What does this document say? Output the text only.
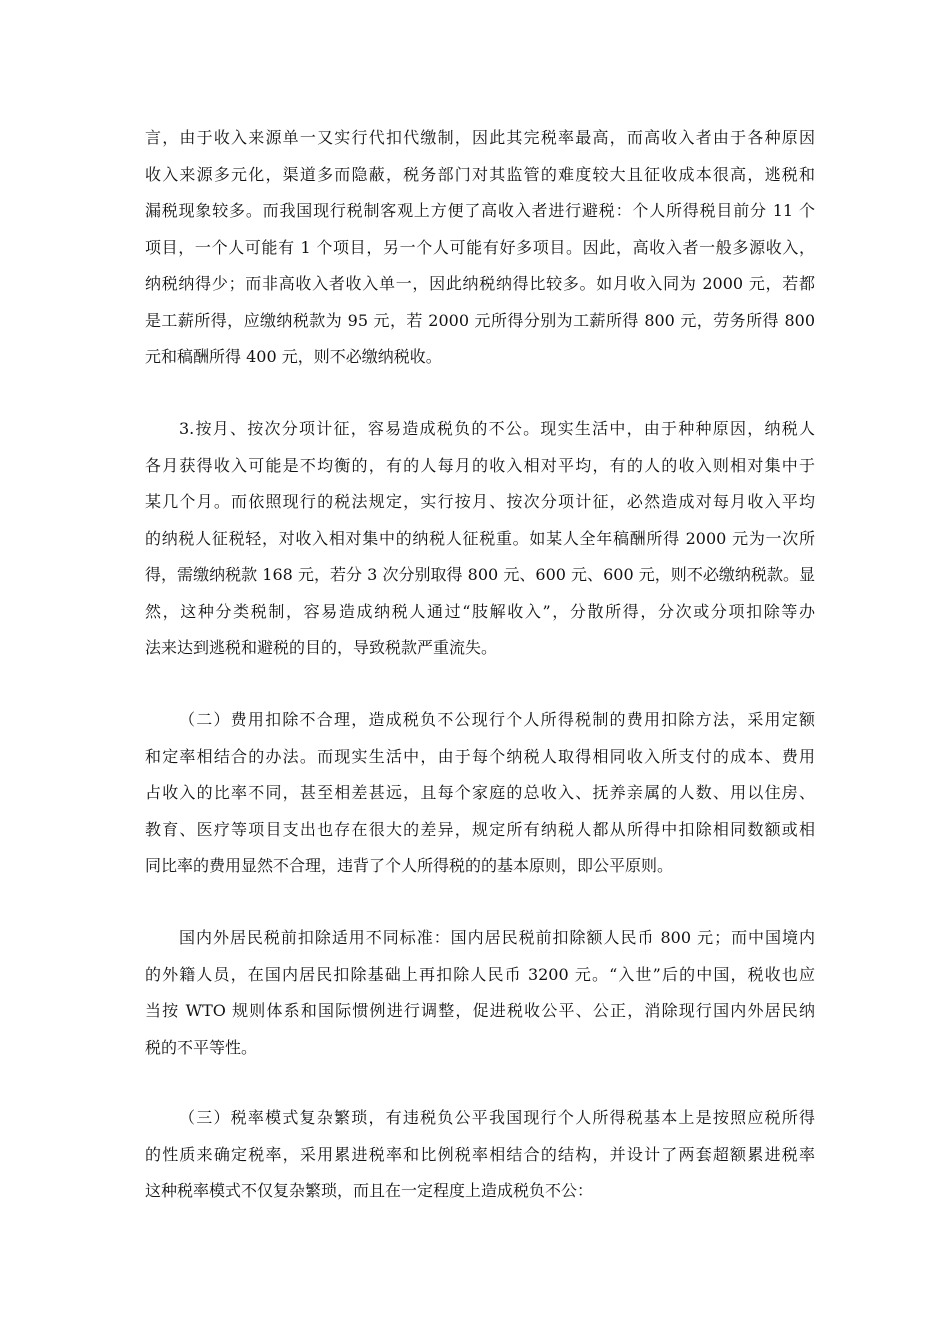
言，由于收入来源单一又实行代扣代缴制，因此其完税率最高，而高收入者由于各种原因
收入来源多元化，渠道多而隐蔽，税务部门对其监管的难度较大且征收成本很高，逃税和
漏税现象较多。而我国现行税制客观上方便了高收入者进行避税：个人所得税目前分 11 个
项目，一个人可能有 1 个项目，另一个人可能有好多项目。因此，高收入者一般多源收入，
纳税纳得少；而非高收入者收入单一，因此纳税纳得比较多。如月收入同为 2000 元，若都
是工薪所得，应缴纳税款为 95 元，若 2000 元所得分别为工薪所得 800 元，劳务所得 800
元和稿酬所得 400 元，则不必缴纳税收。
3.按月、按次分项计征，容易造成税负的不公。现实生活中，由于种种原因，纳税人
各月获得收入可能是不均衡的，有的人每月的收入相对平均，有的人的收入则相对集中于
某几个月。而依照现行的税法规定，实行按月、按次分项计征，必然造成对每月收入平均
的纳税人征税轻，对收入相对集中的纳税人征税重。如某人全年稿酬所得 2000 元为一次所
得，需缴纳税款 168 元，若分 3 次分别取得 800 元、600 元、600 元，则不必缴纳税款。显
然，这种分类税制，容易造成纳税人通过“肢解收入”，分散所得，分次或分项扣除等办
法来达到逃税和避税的目的，导致税款严重流失。
（二）费用扣除不合理，造成税负不公现行个人所得税制的费用扣除方法，采用定额
和定率相结合的办法。而现实生活中，由于每个纳税人取得相同收入所支付的成本、费用
占收入的比率不同，甚至相差甚远，且每个家庭的总收入、抚养亲属的人数、用以住房、
教育、医疗等项目支出也存在很大的差异，规定所有纳税人都从所得中扣除相同数额或相
同比率的费用显然不合理，违背了个人所得税的的基本原则，即公平原则。
国内外居民税前扣除适用不同标准：国内居民税前扣除额人民币 800 元；而中国境内
的外籍人员，在国内居民扣除基础上再扣除人民币 3200 元。“入世”后的中国，税收也应
当按 WTO 规则体系和国际惯例进行调整，促进税收公平、公正，消除现行国内外居民纳
税的不平等性。
（三）税率模式复杂繁琐，有违税负公平我国现行个人所得税基本上是按照应税所得
的性质来确定税率，采用累进税率和比例税率相结合的结构，并设计了两套超额累进税率
这种税率模式不仅复杂繁琐，而且在一定程度上造成税负不公：
